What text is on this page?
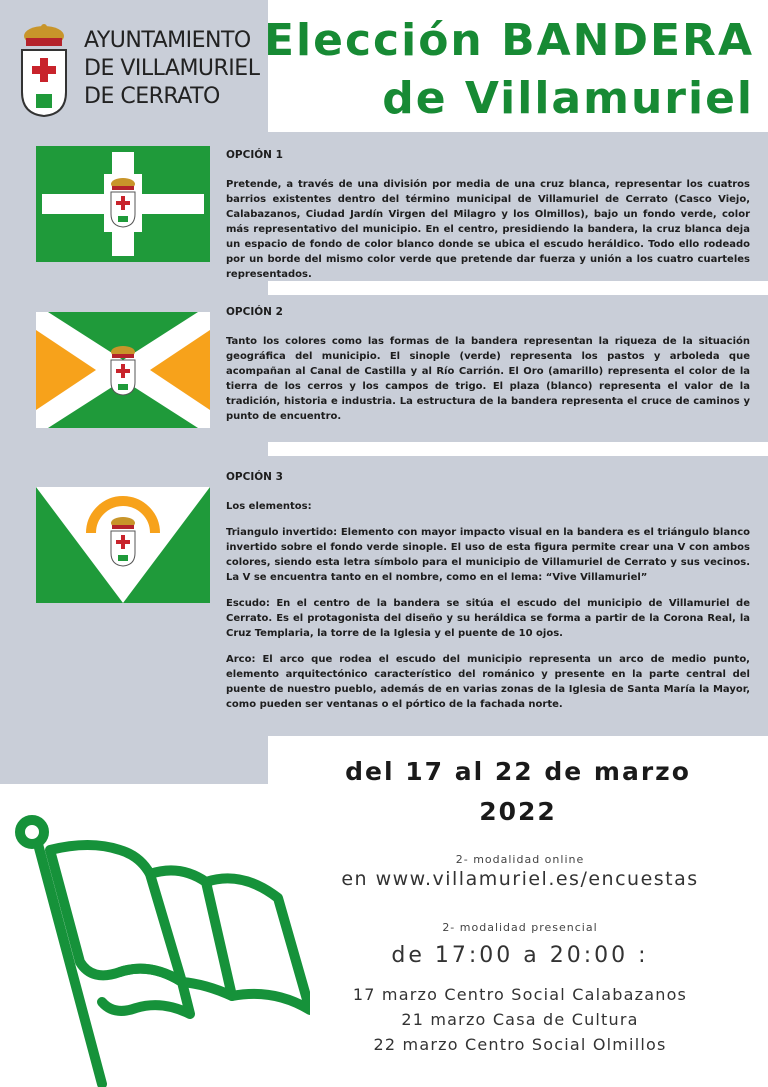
AYUNTAMIENTO
DE VILLAMURIEL
DE CERRATO
Elección BANDERA
de Villamuriel
OPCIÓN 1

Pretende, a través de una división por media de una cruz blanca, representar los cuatros barrios existentes dentro del término municipal de Villamuriel de Cerrato (Casco Viejo, Calabazanos, Ciudad Jardín Virgen del Milagro y los Olmillos), bajo un fondo verde, color más representativo del municipio. En el centro, presidiendo la bandera, la cruz blanca deja un espacio de fondo de color blanco donde se ubica el escudo heráldico. Todo ello rodeado por un borde del mismo color verde que pretende dar fuerza y unión a los cuatro cuarteles representados.

OPCIÓN 2

Tanto los colores como las formas de la bandera representan la riqueza de la situación geográfica del municipio. El sinople (verde) representa los pastos y arboleda que acompañan al Canal de Castilla y al Río Carrión. El Oro (amarillo) representa el color de la tierra de los cerros y los campos de trigo. El plaza (blanco) representa el valor de la tradición, historia e industria. La estructura de la bandera representa el cruce de caminos y punto de encuentro.

OPCIÓN 3

Los elementos:

Triangulo invertido: Elemento con mayor impacto visual en la bandera es el triángulo blanco invertido sobre el fondo verde sinople. El uso de esta figura permite crear una V con ambos colores, siendo esta letra símbolo para el municipio de Villamuriel de Cerrato y sus vecinos. La V se encuentra tanto en el nombre, como en el lema: “Vive Villamuriel”

Escudo: En el centro de la bandera se sitúa el escudo del municipio de Villamuriel de Cerrato. Es el protagonista del diseño y su heráldica se forma a partir de la Corona Real, la Cruz Templaria, la torre de la Iglesia y el puente de 10 ojos.

Arco: El arco que rodea el escudo del municipio representa un arco de medio punto, elemento arquitectónico característico del románico y presente en la parte central del puente de nuestro pueblo, además de en varias zonas de la Iglesia de Santa María la Mayor, como pueden ser ventanas o el pórtico de la fachada norte.

del 17 al 22 de marzo
2022
2- modalidad online
en www.villamuriel.es/encuestas
2- modalidad presencial
de 17:00 a 20:00 :
17 marzo Centro Social Calabazanos
21 marzo Casa de Cultura
22 marzo Centro Social Olmillos
